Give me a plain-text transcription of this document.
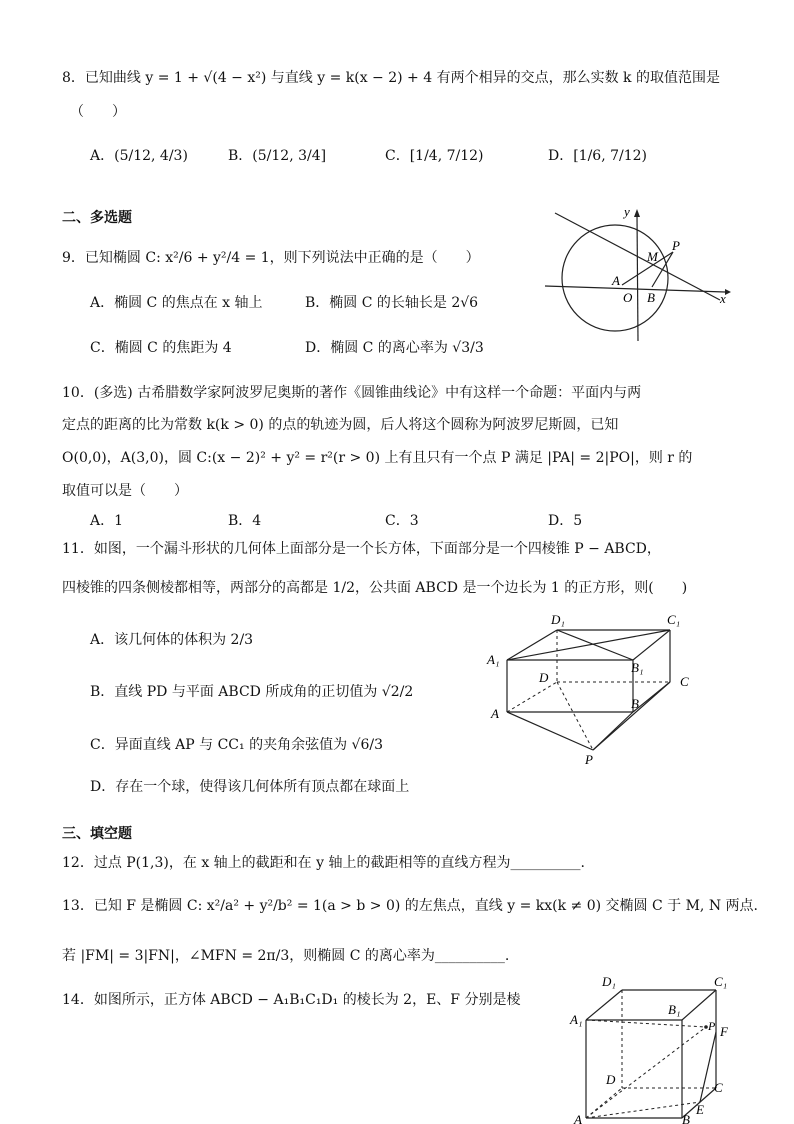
8．已知曲线 y = 1 + √(4 − x²) 与直线 y = k(x − 2) + 4 有两个相异的交点，那么实数 k 的取值范围是
（　　）
A．(5/12, 4/3)	B．(5/12, 3/4]	C．[1/4, 7/12)	D．[1/6, 7/12)
二、多选题
9．已知椭圆 C: x²/6 + y²/4 = 1，则下列说法中正确的是（　　）
A．椭圆 C 的焦点在 x 轴上	B．椭圆 C 的长轴长是 2√6
C．椭圆 C 的焦距为 4	D．椭圆 C 的离心率为 √3/3
y
M
P
A
O B	x
10．(多选) 古希腊数学家阿波罗尼奥斯的著作《圆锥曲线论》中有这样一个命题：平面内与两
定点的距离的比为常数 k(k > 0) 的点的轨迹为圆，后人将这个圆称为阿波罗尼斯圆，已知
O(0,0)，A(3,0)，圆 C:(x − 2)² + y² = r²(r > 0) 上有且只有一个点 P 满足 |PA| = 2|PO|，则 r 的
取值可以是（　　）
A．1	B．4	C．3	D．5
11．如图，一个漏斗形状的几何体上面部分是一个长方体，下面部分是一个四棱锥 P − ABCD，
四棱锥的四条侧棱都相等，两部分的高都是 1/2，公共面 ABCD 是一个边长为 1 的正方形，则(　　)
A．该几何体的体积为 2/3
B．直线 PD 与平面 ABCD 所成角的正切值为 √2/2
C．异面直线 AP 与 CC₁ 的夹角余弦值为 √6/3
D．存在一个球，使得该几何体所有顶点都在球面上
D₁	C₁
A₁
B₁
D	C
A
B
P
三、填空题
12．过点 P(1,3)，在 x 轴上的截距和在 y 轴上的截距相等的直线方程为__________.
13．已知 F 是椭圆 C: x²/a² + y²/b² = 1(a > b > 0) 的左焦点，直线 y = kx(k ≠ 0) 交椭圆 C 于 M, N 两点.
若 |FM| = 3|FN|，∠MFN = 2π/3，则椭圆 C 的离心率为__________.
14．如图所示，正方体 ABCD − A₁B₁C₁D₁ 的棱长为 2，E、F 分别是棱
D₁	C₁
A₁
B₁
P F
D
C
A	B
E
